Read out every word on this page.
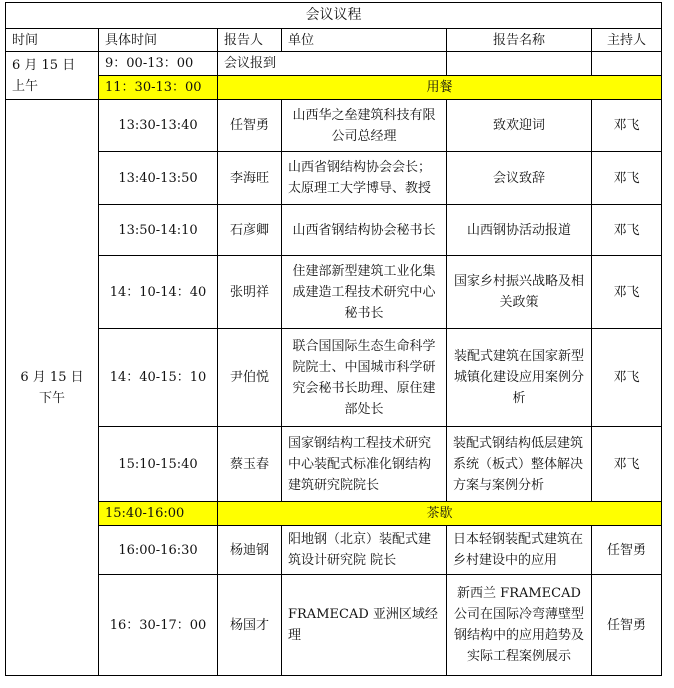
会议议程					
时间	具体时间	报告人	单位	报告名称	主持人

6 月 15 日
上午	9：00-13：00	会议报到			
	11：30-13：00	用餐			

6 月 15 日
下午	13:30-13:40	任智勇	山西华之垒建筑科技有限公司总经理	致欢迎词	邓飞
	13:40-13:50	李海旺	山西省钢结构协会会长；太原理工大学博导、教授	会议致辞	邓飞
	13:50-14:10	石彦卿	山西省钢结构协会秘书长	山西钢协活动报道	邓飞
	14：10-14：40	张明祥	住建部新型建筑工业化集成建造工程技术研究中心秘书长	国家乡村振兴战略及相关政策	邓飞
	14：40-15：10	尹伯悦	联合国国际生态生命科学院院士、中国城市科学研究会秘书长助理、原住建部处长	装配式建筑在国家新型城镇化建设应用案例分析	邓飞
	15:10-15:40	蔡玉春	国家钢结构工程技术研究中心装配式标准化钢结构建筑研究院院长	装配式钢结构低层建筑系统（板式）整体解决方案与案例分析	邓飞
	15:40-16:00	茶歇			
	16:00-16:30	杨迪钢	阳地钢（北京）装配式建筑设计研究院 院长	日本轻钢装配式建筑在乡村建设中的应用	任智勇
	16：30-17：00	杨国才	FRAMECAD 亚洲区域经理	新西兰 FRAMECAD 公司在国际冷弯薄壁型钢结构中的应用趋势及实际工程案例展示	任智勇
